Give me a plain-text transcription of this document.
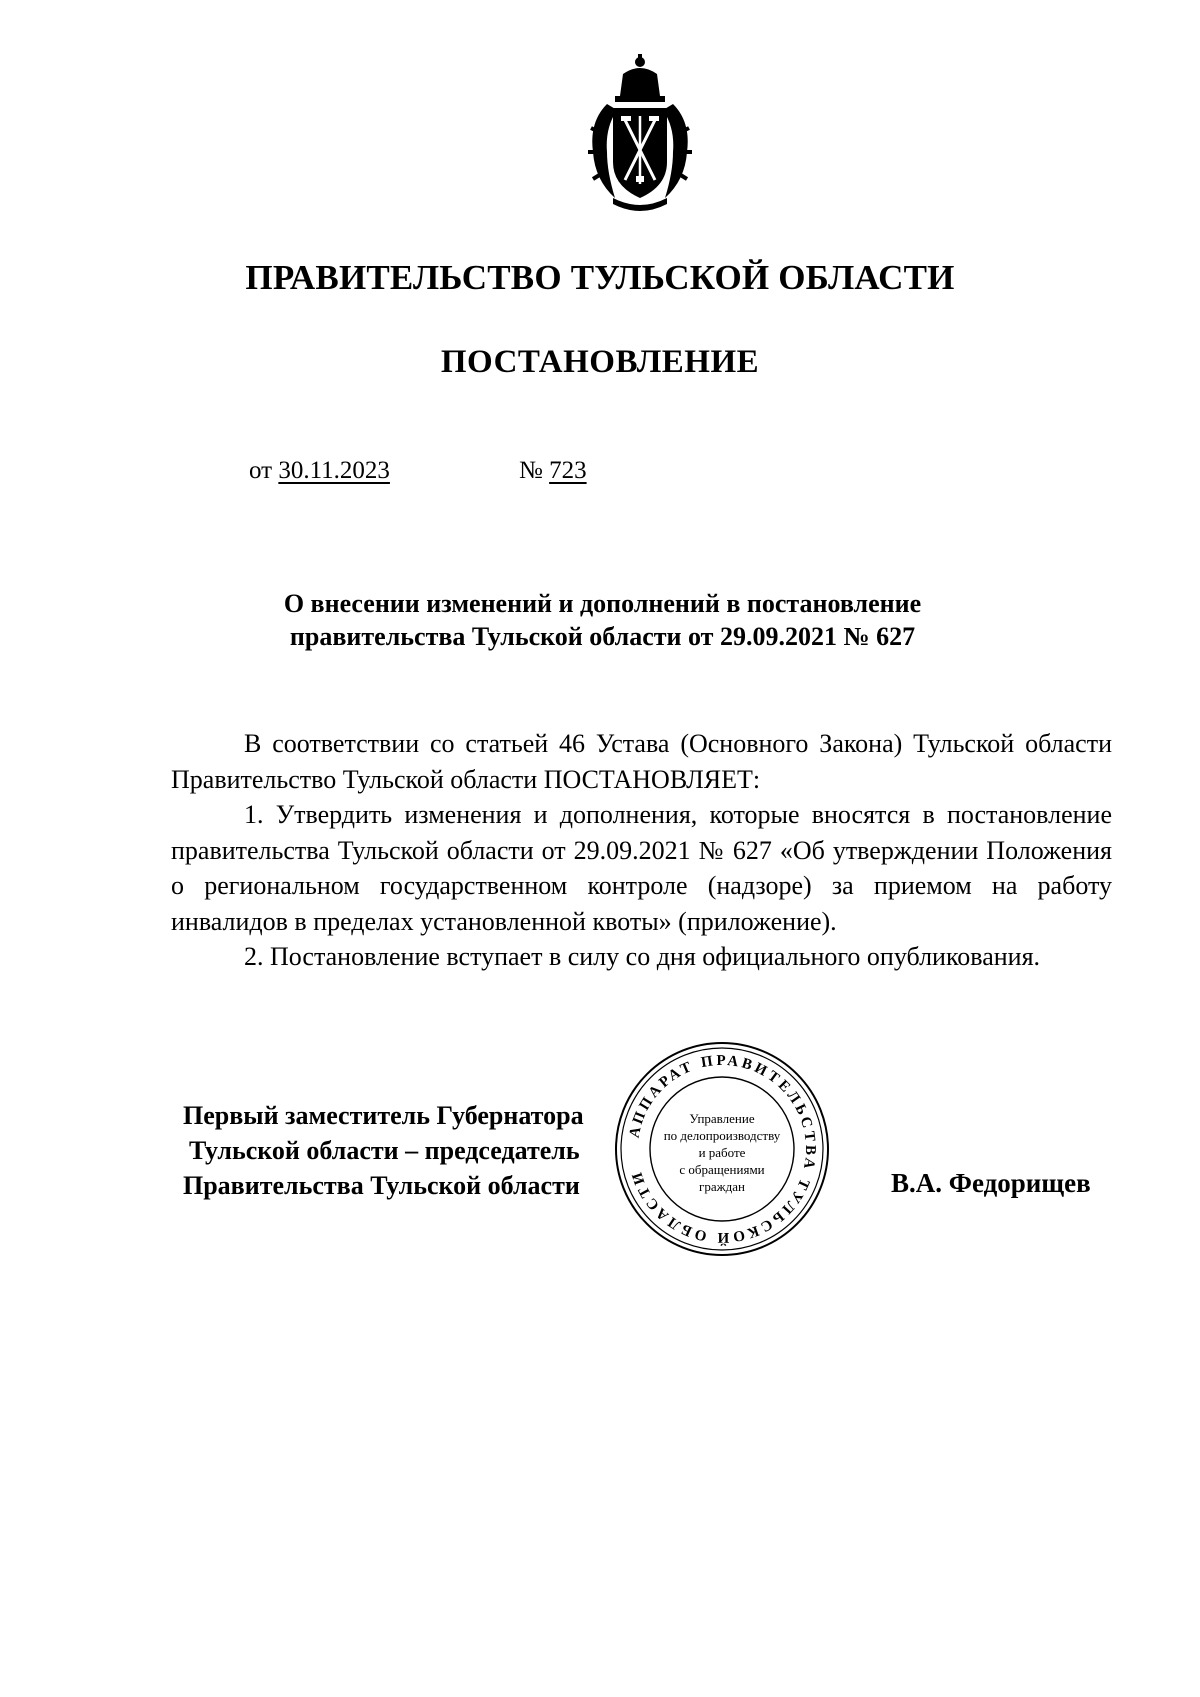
ПРАВИТЕЛЬСТВО ТУЛЬСКОЙ ОБЛАСТИ
ПОСТАНОВЛЕНИЕ
от 30.11.2023	№ 723
О внесении изменений и дополнений в постановление
правительства Тульской области от 29.09.2021 № 627

В соответствии со статьей 46 Устава (Основного Закона) Тульской области Правительство Тульской области ПОСТАНОВЛЯЕТ:

1. Утвердить изменения и дополнения, которые вносятся в постановление правительства Тульской области от 29.09.2021 № 627 «Об утверждении Положения о региональном государственном контроле (надзоре) за приемом на работу инвалидов в пределах установленной квоты» (приложение).

2. Постановление вступает в силу со дня официального опубликования.

Первый заместитель Губернатора
Тульской области – председатель
Правительства Тульской области	В.А. Федорищев
АППАРАТ ПРАВИТЕЛЬСТВА ТУЛЬСКОЙ ОБЛАСТИ
Управление
по делопроизводству
и работе
с обращениями
граждан
